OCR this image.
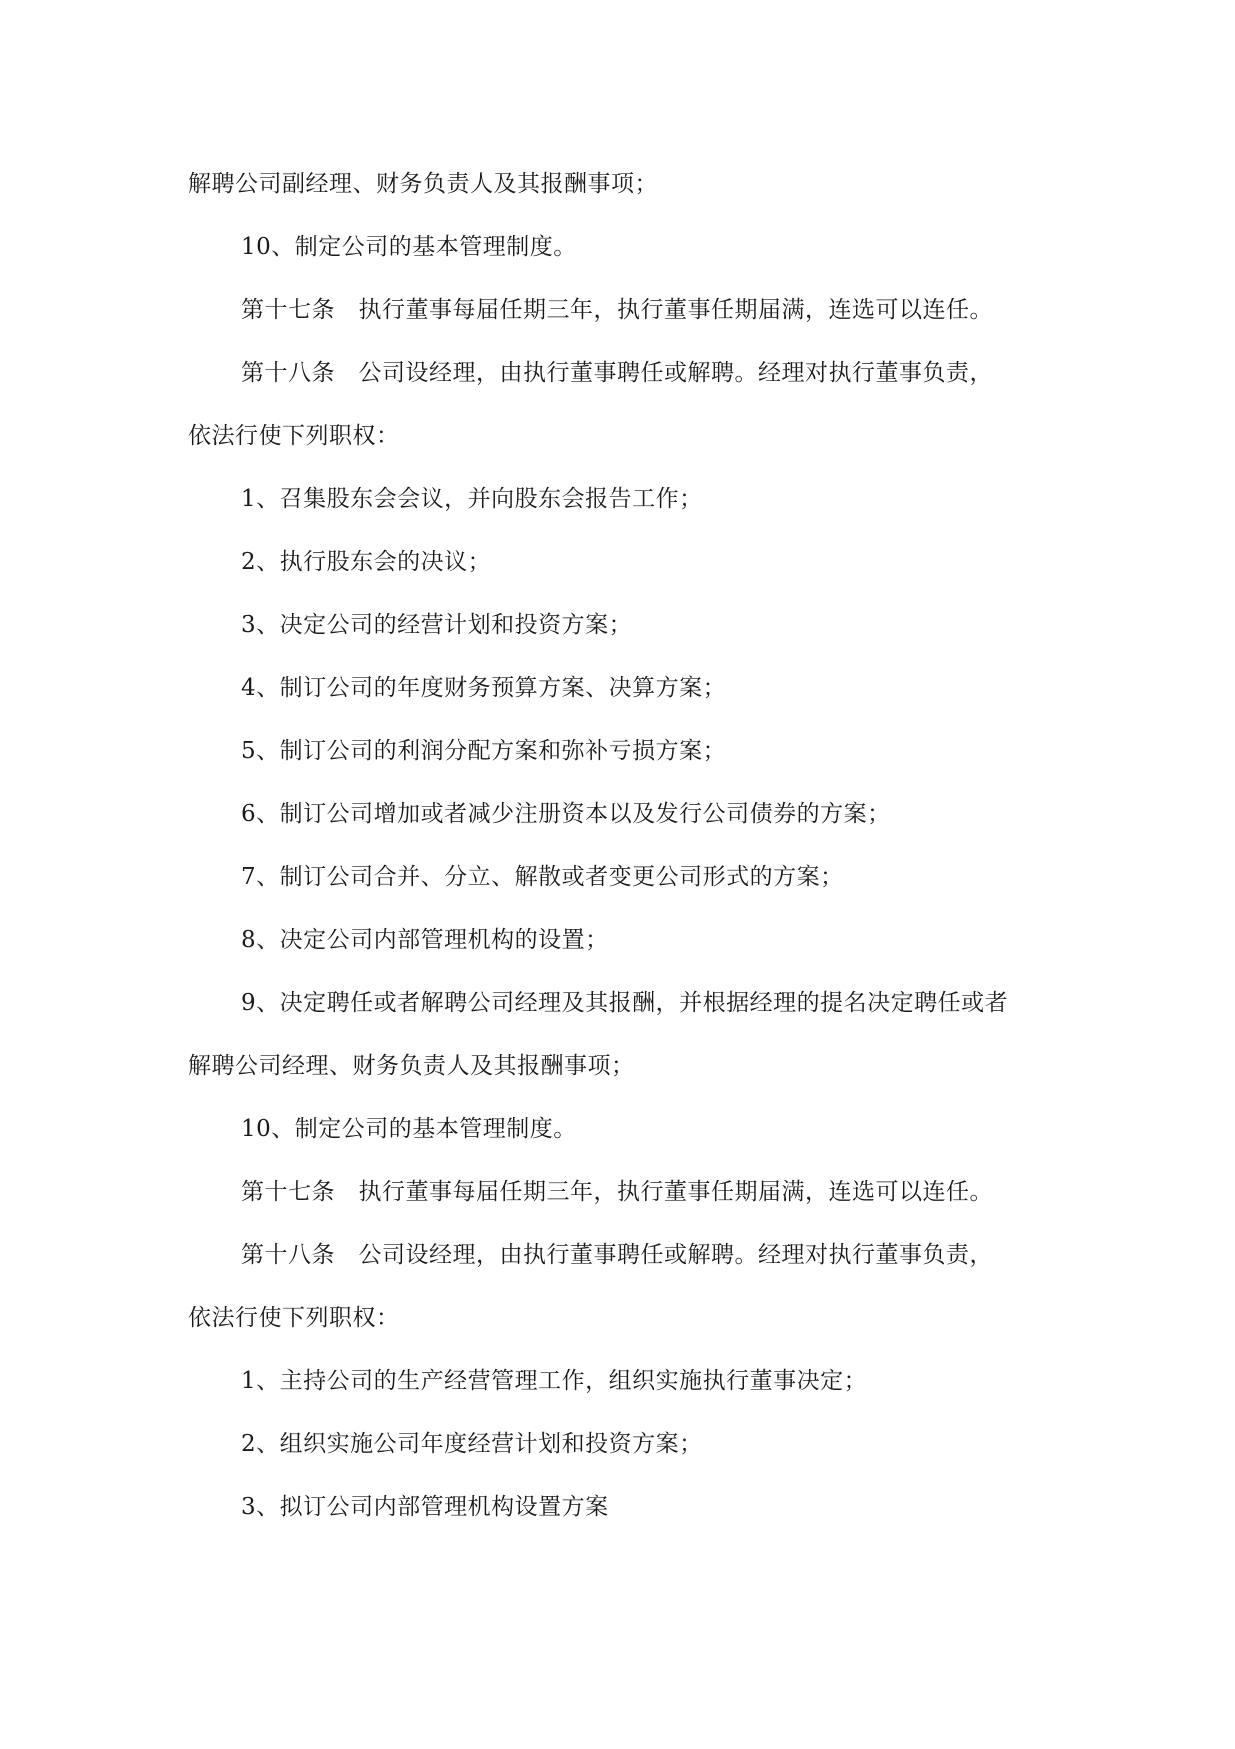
解聘公司副经理、财务负责人及其报酬事项；
10、制定公司的基本管理制度。
第十七条　执行董事每届任期三年，执行董事任期届满，连选可以连任。
第十八条　公司设经理，由执行董事聘任或解聘。经理对执行董事负责，
依法行使下列职权：
1、召集股东会会议，并向股东会报告工作；
2、执行股东会的决议；
3、决定公司的经营计划和投资方案；
4、制订公司的年度财务预算方案、决算方案；
5、制订公司的利润分配方案和弥补亏损方案；
6、制订公司增加或者减少注册资本以及发行公司债券的方案；
7、制订公司合并、分立、解散或者变更公司形式的方案；
8、决定公司内部管理机构的设置；
9、决定聘任或者解聘公司经理及其报酬，并根据经理的提名决定聘任或者
解聘公司经理、财务负责人及其报酬事项；
10、制定公司的基本管理制度。
第十七条　执行董事每届任期三年，执行董事任期届满，连选可以连任。
第十八条　公司设经理，由执行董事聘任或解聘。经理对执行董事负责，
依法行使下列职权：
1、主持公司的生产经营管理工作，组织实施执行董事决定；
2、组织实施公司年度经营计划和投资方案；
3、拟订公司内部管理机构设置方案
